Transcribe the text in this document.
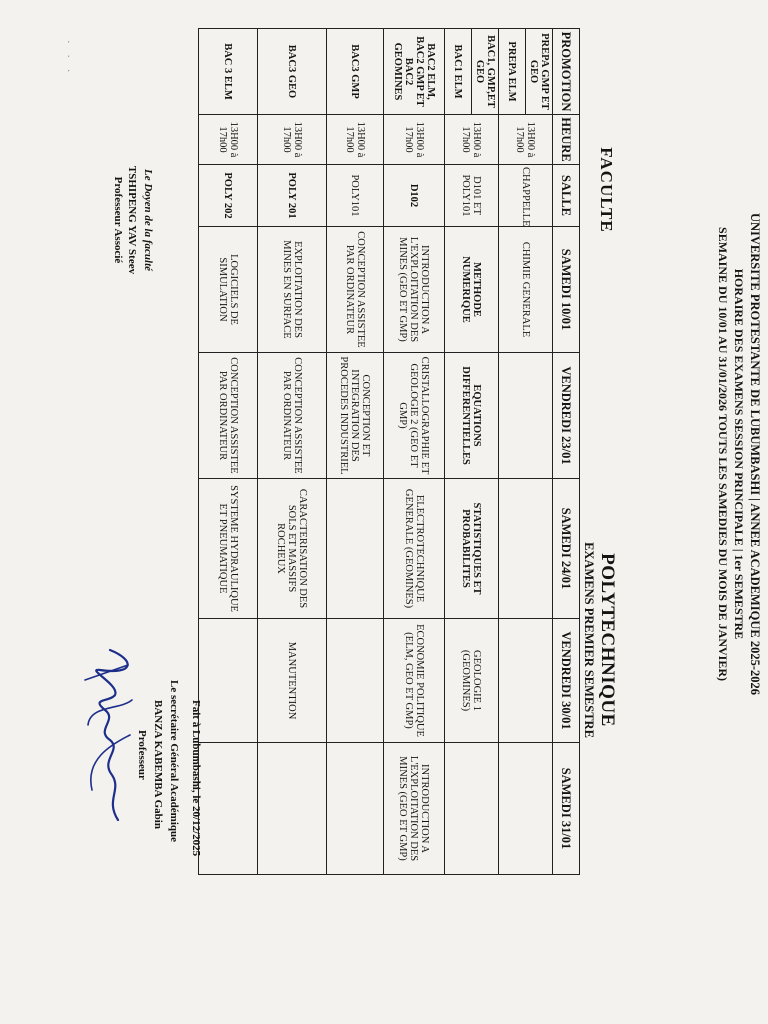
UNIVERSITE PROTESTANTE DE LUBUMBASHI | ANNEE ACADEMIQUE 2025-2026
HORAIRE DES EXAMENS SESSION PRINCIPALE | 1er SEMESTRE
SEMAINE DU 10/01 AU 31/01/2026 TOUTS LES SAMEDIES DU MOIS DE JANVIER)
FACULTE
POLYTECHNIQUE
EXAMENS PREMIER SEMESTRE
PROMOTION	HEURE	SALLE	SAMEDI 10/01	VENDREDI 23/01	SAMEDI 24/01	VENDREDI 30/01	SAMEDI 31/01
PREPA GMP ET GEO	13H00 à 17h00	CHAPPELLE	CHIMIE GENERALE				
PREPA ELM							
BAC1, GMP,ET GEO	13H00 à 17h00	D101 ET POLY101	METHODE NUMERIQUE	EQUATIONS DIFFERENTIELLES	STATISTIQUES ET PROBABILITES	GEOLOGIE 1 (GEOMINES)	
BAC1 ELM							
BAC2 ELM, BAC2 GMP ET BAC2 GEOMINES	13H00 à 17h00	D102	INTRODUCTION A L'EXPLOITATION DES MINES (GEO ET GMP)	CRISTALLOGRAPHIE ET GEOLOGIE 2 (GEO ET GMP)	ELECTROTECHNIQUE GENERALE (GEOMINES)	ECONOMIE POLITIQUE (ELM, GEO ET GMP)	INTRODUCTION A L'EXPLOITATION DES MINES (GEO ET GMP)
BAC3 GMP	13H00 à 17h00	POLY101	CONCEPTION ASSISTEE PAR ORDINATEUR	CONCEPTION ET INTEGRATION DES PROCEDES INDUSTRIEL			
BAC3 GEO	13H00 à 17h00	POLY 201	EXPLOITATION DES MINES EN SURFACE	CONCEPTION ASSISTEE PAR ORDINATEUR	CARACTERISATION DES SOLS ET MASSIFS ROCHEUX	MANUTENTION	
BAC 3 ELM	13H00 à 17h00	POLY 202	LOGICIELS DE SIMULATION	CONCEPTION ASSISTEE PAR ORDINATEUR	SYSTEME HYDRAULIQUE ET PNEUMATIQUE		
Le Doyen de la faculté
TSHIPENG YAV Steev
Professeur Associé
Fait à Lubumbashi, le 20/12/2025
Le secrétaire Général Académique
BANZA KABEMBA Gabin
Professeur
· · ·
